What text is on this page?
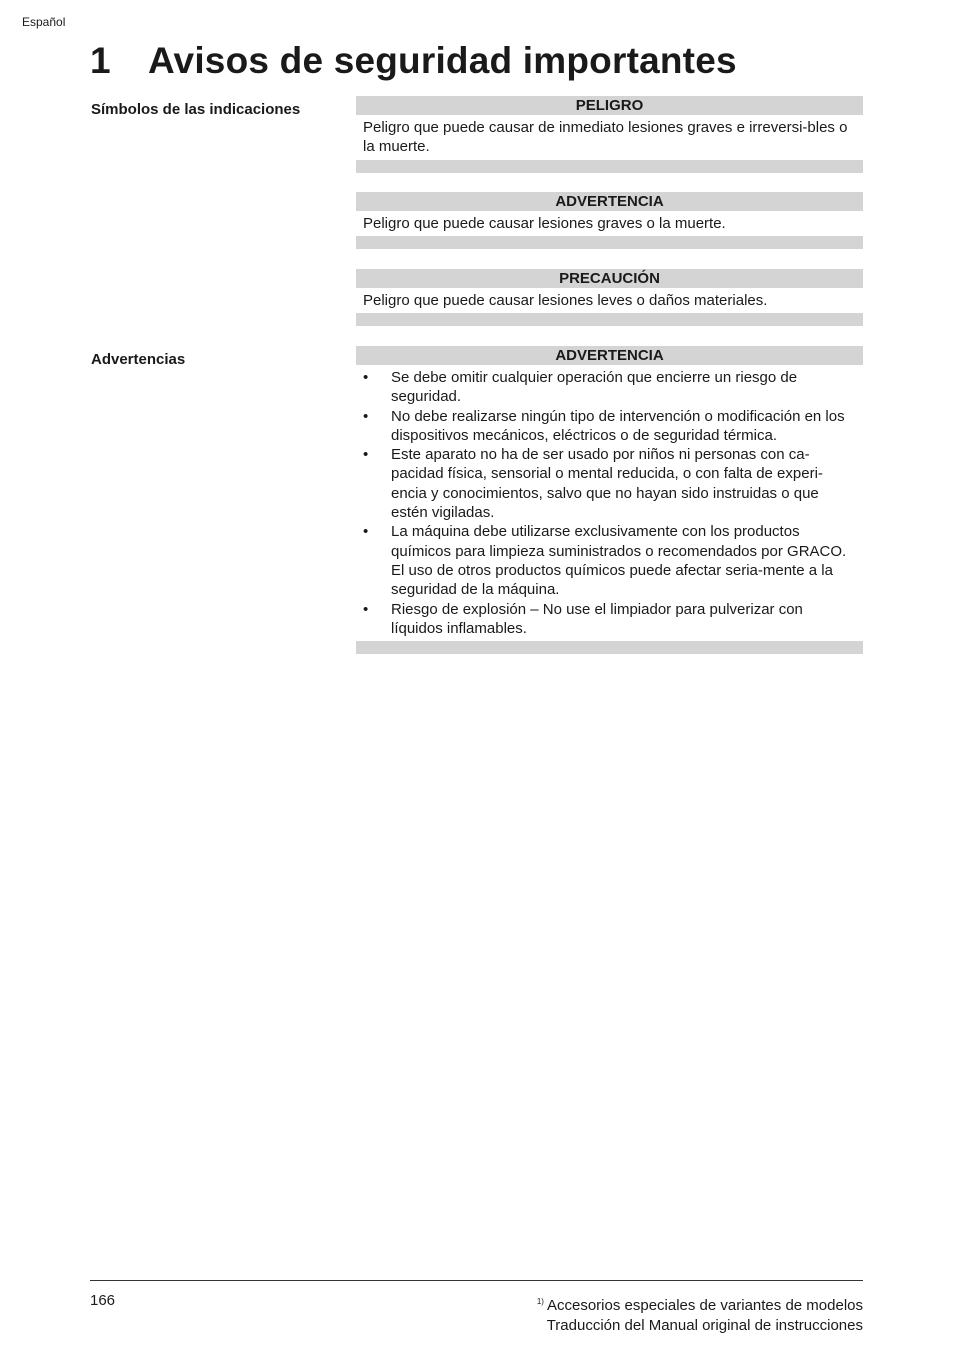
Español
1 Avisos de seguridad importantes
Símbolos de las indicaciones	PELIGRO
Peligro que puede causar de inmediato lesiones graves e irreversi-bles o la muerte.
ADVERTENCIA
Peligro que puede causar lesiones graves o la muerte.
PRECAUCIÓN
Peligro que puede causar lesiones leves o daños materiales.
Advertencias	ADVERTENCIA
• Se debe omitir cualquier operación que encierre un riesgo de seguridad.
• No debe realizarse ningún tipo de intervención o modificación en los dispositivos mecánicos, eléctricos o de seguridad térmica.
• Este aparato no ha de ser usado por niños ni personas con ca-pacidad física, sensorial o mental reducida, o con falta de experi-encia y conocimientos, salvo que no hayan sido instruidas o que estén vigiladas.
• La máquina debe utilizarse exclusivamente con los productos químicos para limpieza suministrados o recomendados por GRACO. El uso de otros productos químicos puede afectar seria-mente a la seguridad de la máquina.
• Riesgo de explosión – No use el limpiador para pulverizar con líquidos inflamables.
166	$^{1)}$ Accesorios especiales de variantes de modelos
Traducción del Manual original de instrucciones
